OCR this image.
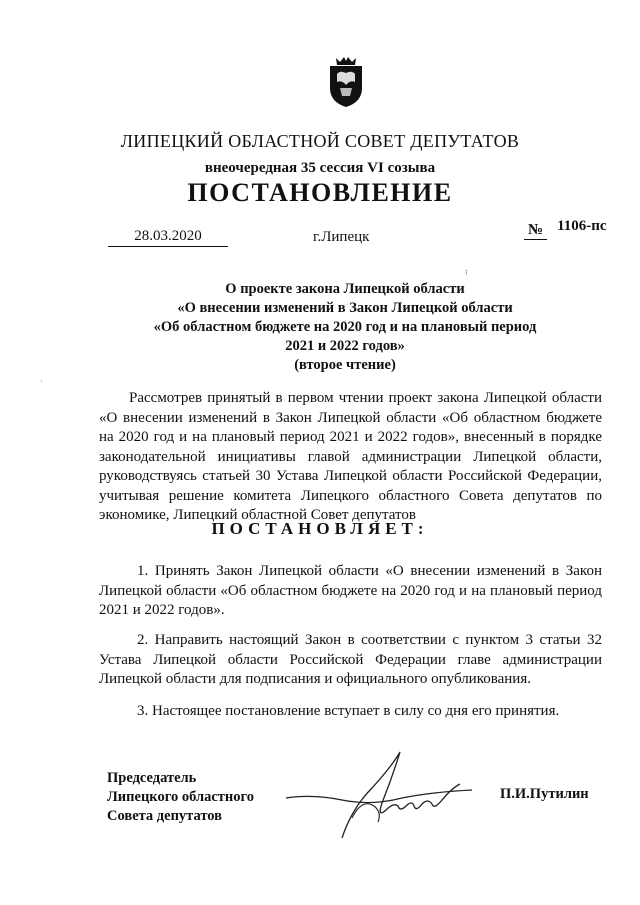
ЛИПЕЦКИЙ ОБЛАСТНОЙ СОВЕТ ДЕПУТАТОВ
внеочередная 35 сессия VI созыва
ПОСТАНОВЛЕНИЕ
28.03.2020	г.Липецк	№ 1106-пс
⁝
·
О проекте закона Липецкой области
«О внесении изменений в Закон Липецкой области
«Об областном бюджете на 2020 год и на плановый период
2021 и 2022 годов»
(второе чтение)

Рассмотрев принятый в первом чтении проект закона Липецкой области «О внесении изменений в Закон Липецкой области «Об областном бюджете на 2020 год и на плановый период 2021 и 2022 годов», внесенный в порядке законодательной инициативы главой администрации Липецкой области, руководствуясь статьей 30 Устава Липецкой области Российской Федерации, учитывая решение комитета Липецкого областного Совета депутатов по экономике, Липецкий областной Совет депутатов

ПОСТАНОВЛЯЕТ:

1. Принять Закон Липецкой области «О внесении изменений в Закон Липецкой области «Об областном бюджете на 2020 год и на плановый период 2021 и 2022 годов».

2. Направить настоящий Закон в соответствии с пунктом 3 статьи 32 Устава Липецкой области Российской Федерации главе администрации Липецкой области для подписания и официального опубликования.

3. Настоящее постановление вступает в силу со дня его принятия.

Председатель
Липецкого областного
Совета депутатов
П.И.Путилин
